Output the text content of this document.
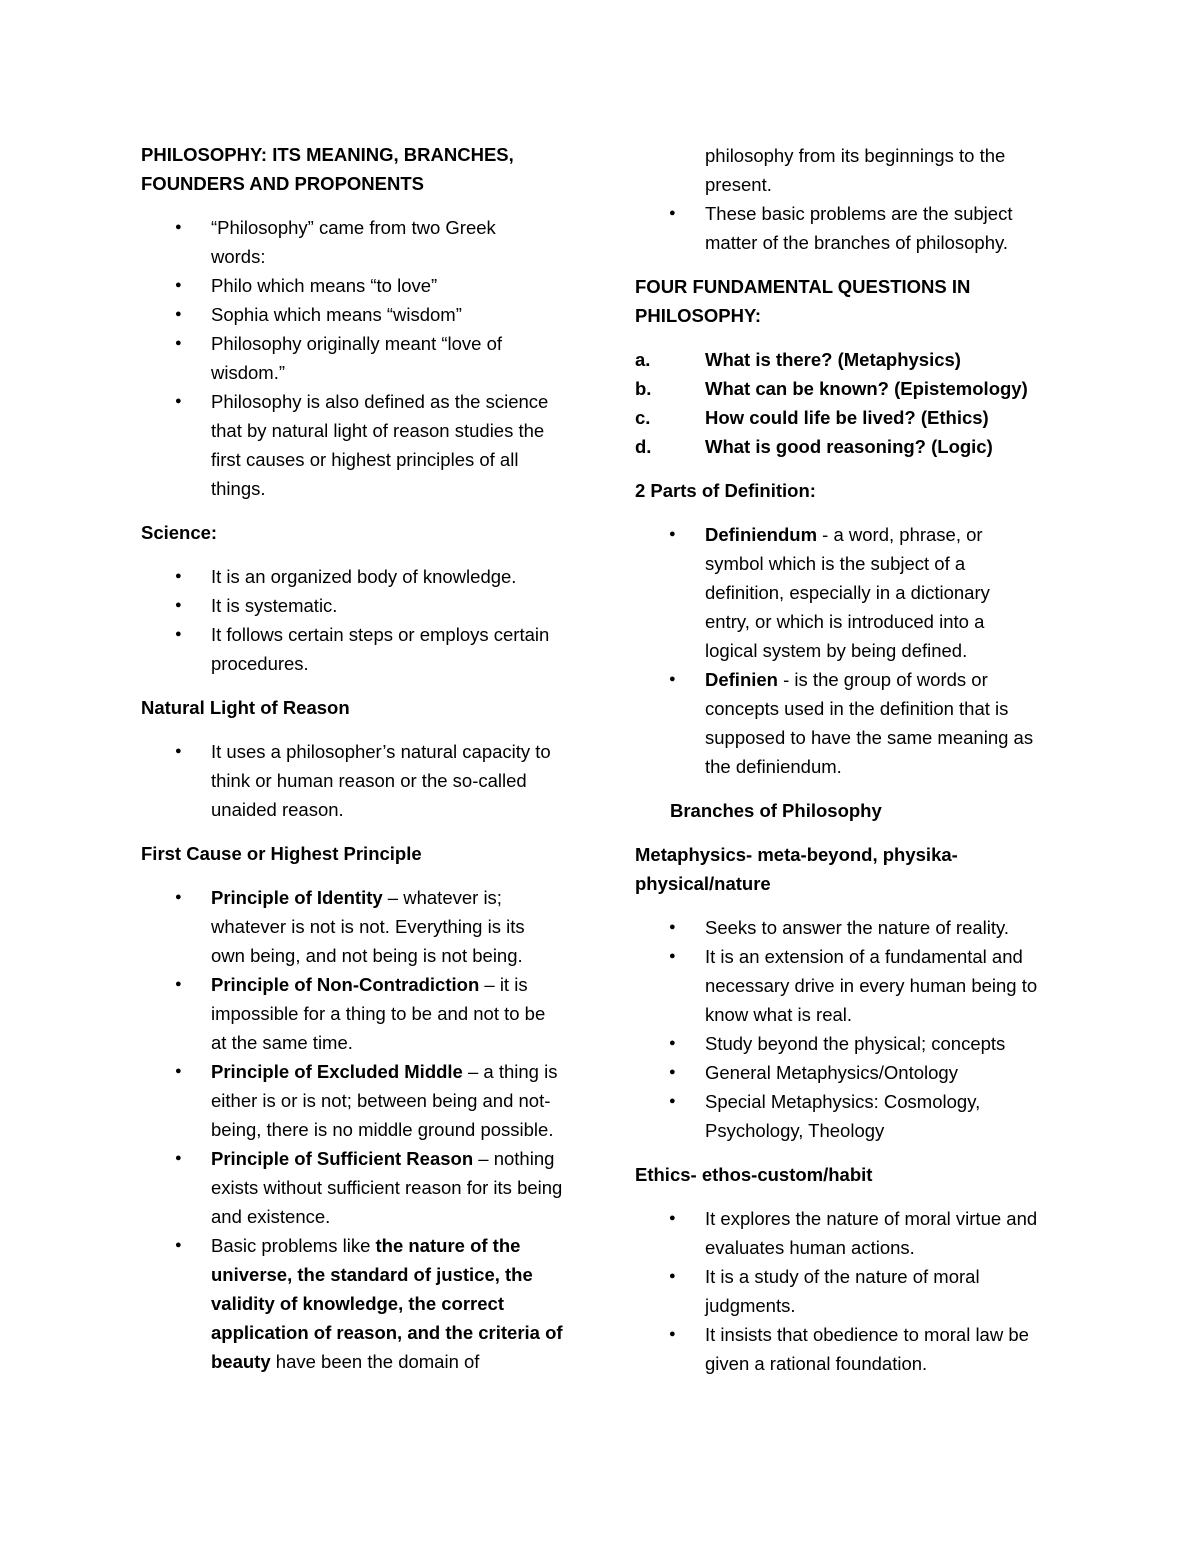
PHILOSOPHY: ITS MEANING, BRANCHES,
FOUNDERS AND PROPONENTS

● “Philosophy” came from two Greek words:
● Philo which means “to love”
● Sophia which means “wisdom”
● Philosophy originally meant “love of wisdom.”
● Philosophy is also defined as the science that by natural light of reason studies the first causes or highest principles of all things.

Science:

● It is an organized body of knowledge.
● It is systematic.
● It follows certain steps or employs certain procedures.

Natural Light of Reason

● It uses a philosopher’s natural capacity to think or human reason or the so-called unaided reason.

First Cause or Highest Principle

● Principle of Identity – whatever is; whatever is not is not. Everything is its own being, and not being is not being.
● Principle of Non-Contradiction – it is impossible for a thing to be and not to be at the same time.
● Principle of Excluded Middle – a thing is either is or is not; between being and not-being, there is no middle ground possible.
● Principle of Sufficient Reason – nothing exists without sufficient reason for its being and existence.
● Basic problems like the nature of the universe, the standard of justice, the validity of knowledge, the correct application of reason, and the criteria of beauty have been the domain of

philosophy from its beginnings to the present.

● These basic problems are the subject matter of the branches of philosophy.

FOUR FUNDAMENTAL QUESTIONS IN
PHILOSOPHY:

a.	What is there? (Metaphysics)
b.	What can be known? (Epistemology)
c.	How could life be lived? (Ethics)
d.	What is good reasoning? (Logic)

2 Parts of Definition:

● Definiendum - a word, phrase, or symbol which is the subject of a definition, especially in a dictionary entry, or which is introduced into a logical system by being defined.
● Definien - is the group of words or concepts used in the definition that is supposed to have the same meaning as the definiendum.

Branches of Philosophy

Metaphysics- meta-beyond, physika-
physical/nature

● Seeks to answer the nature of reality.
● It is an extension of a fundamental and necessary drive in every human being to know what is real.
● Study beyond the physical; concepts
● General Metaphysics/Ontology
● Special Metaphysics: Cosmology, Psychology, Theology

Ethics- ethos-custom/habit

● It explores the nature of moral virtue and evaluates human actions.
● It is a study of the nature of moral judgments.
● It insists that obedience to moral law be given a rational foundation.
